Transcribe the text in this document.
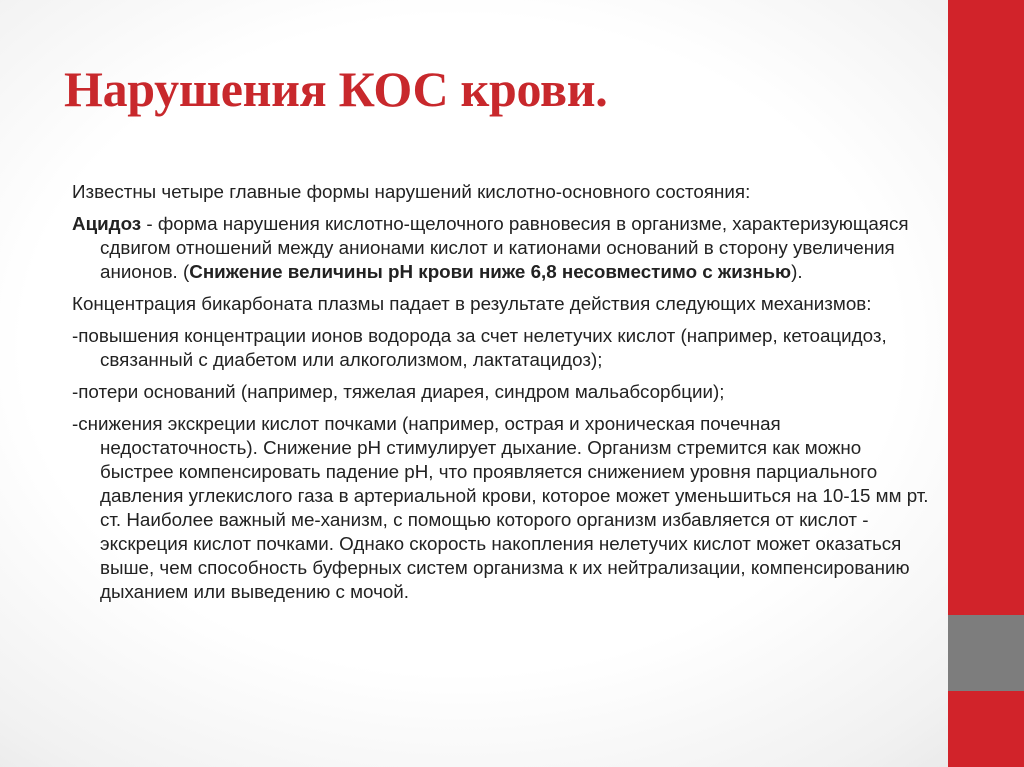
Нарушения КОС крови.

Известны четыре главные формы нарушений кислотно-основного состояния:

Ацидоз - форма нарушения кислотно-щелочного равновесия в организме, характеризующаяся сдвигом отношений между анионами кислот и катионами оснований в сторону увеличения анионов. (Снижение величины pH крови ниже 6,8 несовместимо с жизнью).

Концентрация бикарбоната плазмы падает в результате действия следующих механизмов:

-повышения концентрации ионов водорода за счет нелетучих кислот (например, кетоацидоз, связанный с диабетом или алкоголизмом, лактатацидоз);

-потери оснований (например, тяжелая диарея, синдром мальабсорбции);

-снижения экскреции кислот почками (например, острая и хроническая почечная недостаточность). Снижение pH стимулирует дыхание. Организм стремится как можно быстрее компенсировать падение pH, что проявляется снижением уровня парциального давления углекислого газа в артериальной крови, которое может уменьшиться на 10-15 мм рт. ст. Наиболее важный ме-ханизм, с помощью которого организм избавляется от кислот - экскреция кислот почками. Однако скорость накопления нелетучих кислот может оказаться выше, чем способность буферных систем организма к их нейтрализации, компенсированию дыханием или выведению с мочой.
